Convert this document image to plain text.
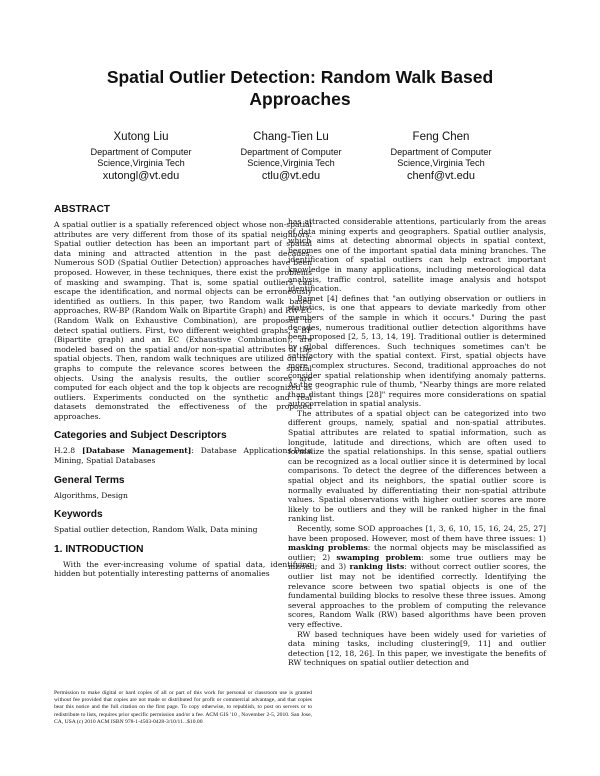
Spatial Outlier Detection: Random Walk Based Approaches
Xutong Liu
Department of Computer Science,Virginia Tech
xutongl@vt.edu
Chang-Tien Lu
Department of Computer Science,Virginia Tech
ctlu@vt.edu
Feng Chen
Department of Computer Science,Virginia Tech
chenf@vt.edu
ABSTRACT

A spatial outlier is a spatially referenced object whose non-spatial attributes are very different from those of its spatial neighbors. Spatial outlier detection has been an important part of spatial data mining and attracted attention in the past decades. Numerous SOD (Spatial Outlier Detection) approaches have been proposed. However, in these techniques, there exist the problems of masking and swamping. That is, some spatial outliers can escape the identification, and normal objects can be erroneously identified as outliers. In this paper, two Random walk based approaches, RW-BP (Random Walk on Bipartite Graph) and RW-EC (Random Walk on Exhaustive Combination), are proposed to detect spatial outliers. First, two different weighted graphs, a BP (Bipartite graph) and an EC (Exhaustive Combination), are modeled based on the spatial and/or non-spatial attributes of the spatial objects. Then, random walk techniques are utilized on the graphs to compute the relevance scores between the spatial objects. Using the analysis results, the outlier scores are computed for each object and the top k objects are recognized as outliers. Experiments conducted on the synthetic and real datasets demonstrated the effectiveness of the proposed approaches.

Categories and Subject Descriptors

H.2.8 [Database Management]: Database Applications-Data Mining, Spatial Databases

General Terms

Algorithms, Design

Keywords

Spatial outlier detection, Random Walk, Data mining

1. INTRODUCTION

With the ever-increasing volume of spatial data, identifying hidden but potentially interesting patterns of anomalies

Permission to make digital or hard copies of all or part of this work for personal or classroom use is granted without fee provided that copies are not made or distributed for profit or commercial advantage, and that copies bear this notice and the full citation on the first page. To copy otherwise, to republish, to post on servers or to redistribute to lists, requires prior specific permission and/or a fee. ACM GIS '10 , November 2-5, 2010. San Jose, CA, USA (c) 2010 ACM ISBN 978-1-4503-0428-3/10/11...$10.00

has attracted considerable attentions, particularly from the areas of data mining experts and geographers. Spatial outlier analysis, which aims at detecting abnormal objects in spatial context, becomes one of the important spatial data mining branches. The identification of spatial outliers can help extract important knowledge in many applications, including meteorological data analysis, traffic control, satellite image analysis and hotspot identification.

Barnet [4] defines that "an outlying observation or outliers in statistics, is one that appears to deviate markedly from other members of the sample in which it occurs." During the past decades, numerous traditional outlier detection algorithms have been proposed [2, 5, 13, 14, 19]. Traditional outlier is determined by global differences. Such techniques sometimes can't be satisfactory with the spatial context. First, spatial objects have more complex structures. Second, traditional approaches do not consider spatial relationship when identifying anomaly patterns. As the geographic rule of thumb, "Nearby things are more related than distant things [28]" requires more considerations on spatial autocorrelation in spatial analysis.

The attributes of a spatial object can be categorized into two different groups, namely, spatial and non-spatial attributes. Spatial attributes are related to spatial information, such as longitude, latitude and directions, which are often used to formalize the spatial relationships. In this sense, spatial outliers can be recognized as a local outlier since it is determined by local comparisons. To detect the degree of the differences between a spatial object and its neighbors, the spatial outlier score is normally evaluated by differentiating their non-spatial attribute values. Spatial observations with higher outlier scores are more likely to be outliers and they will be ranked higher in the final ranking list.

Recently, some SOD approaches [1, 3, 6, 10, 15, 16, 24, 25, 27] have been proposed. However, most of them have three issues: 1) masking problems: the normal objects may be misclassified as outlier; 2) swamping problem: some true outliers may be missed; and 3) ranking lists: without correct outlier scores, the outlier list may not be identified correctly. Identifying the relevance score between two spatial objects is one of the fundamental building blocks to resolve these three issues. Among several approaches to the problem of computing the relevance scores, Random Walk (RW) based algorithms have been proven very effective.

RW based techniques have been widely used for varieties of data mining tasks, including clustering[9, 11] and outlier detection [12, 18, 26]. In this paper, we investigate the benefits of RW techniques on spatial outlier detection and
